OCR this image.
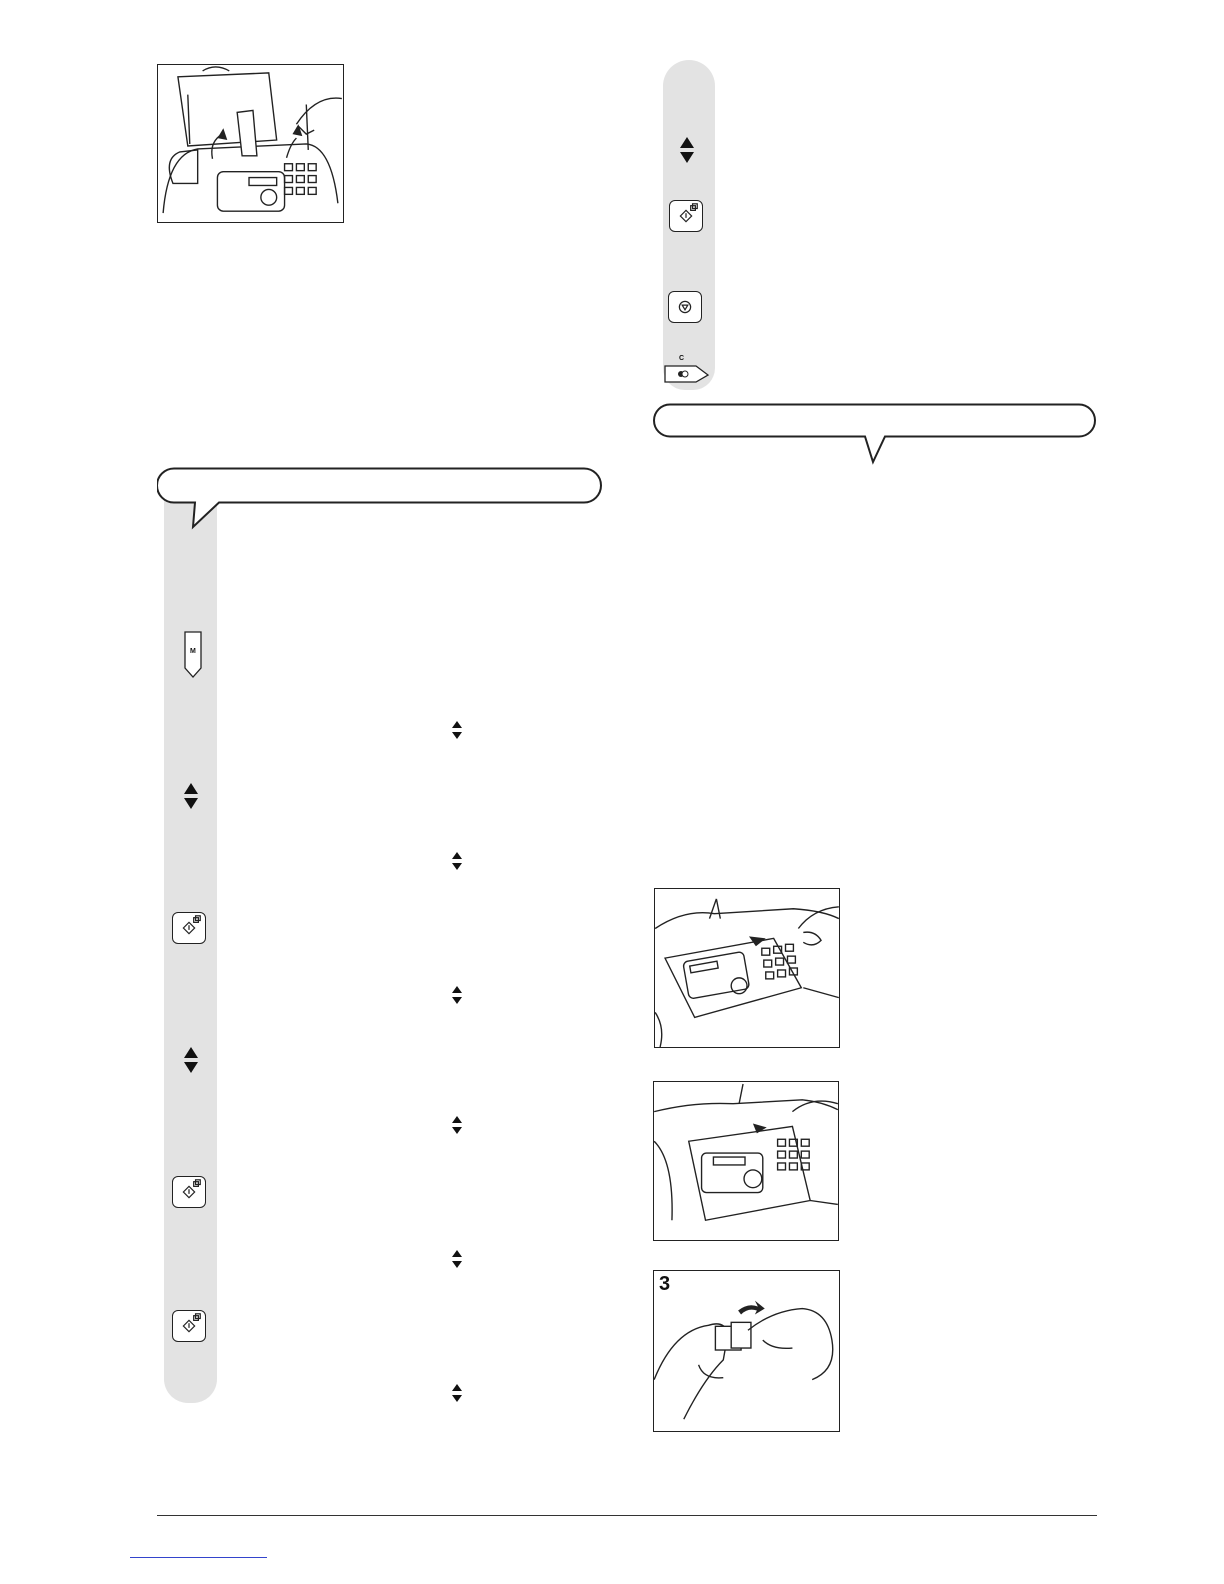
C
M
3
